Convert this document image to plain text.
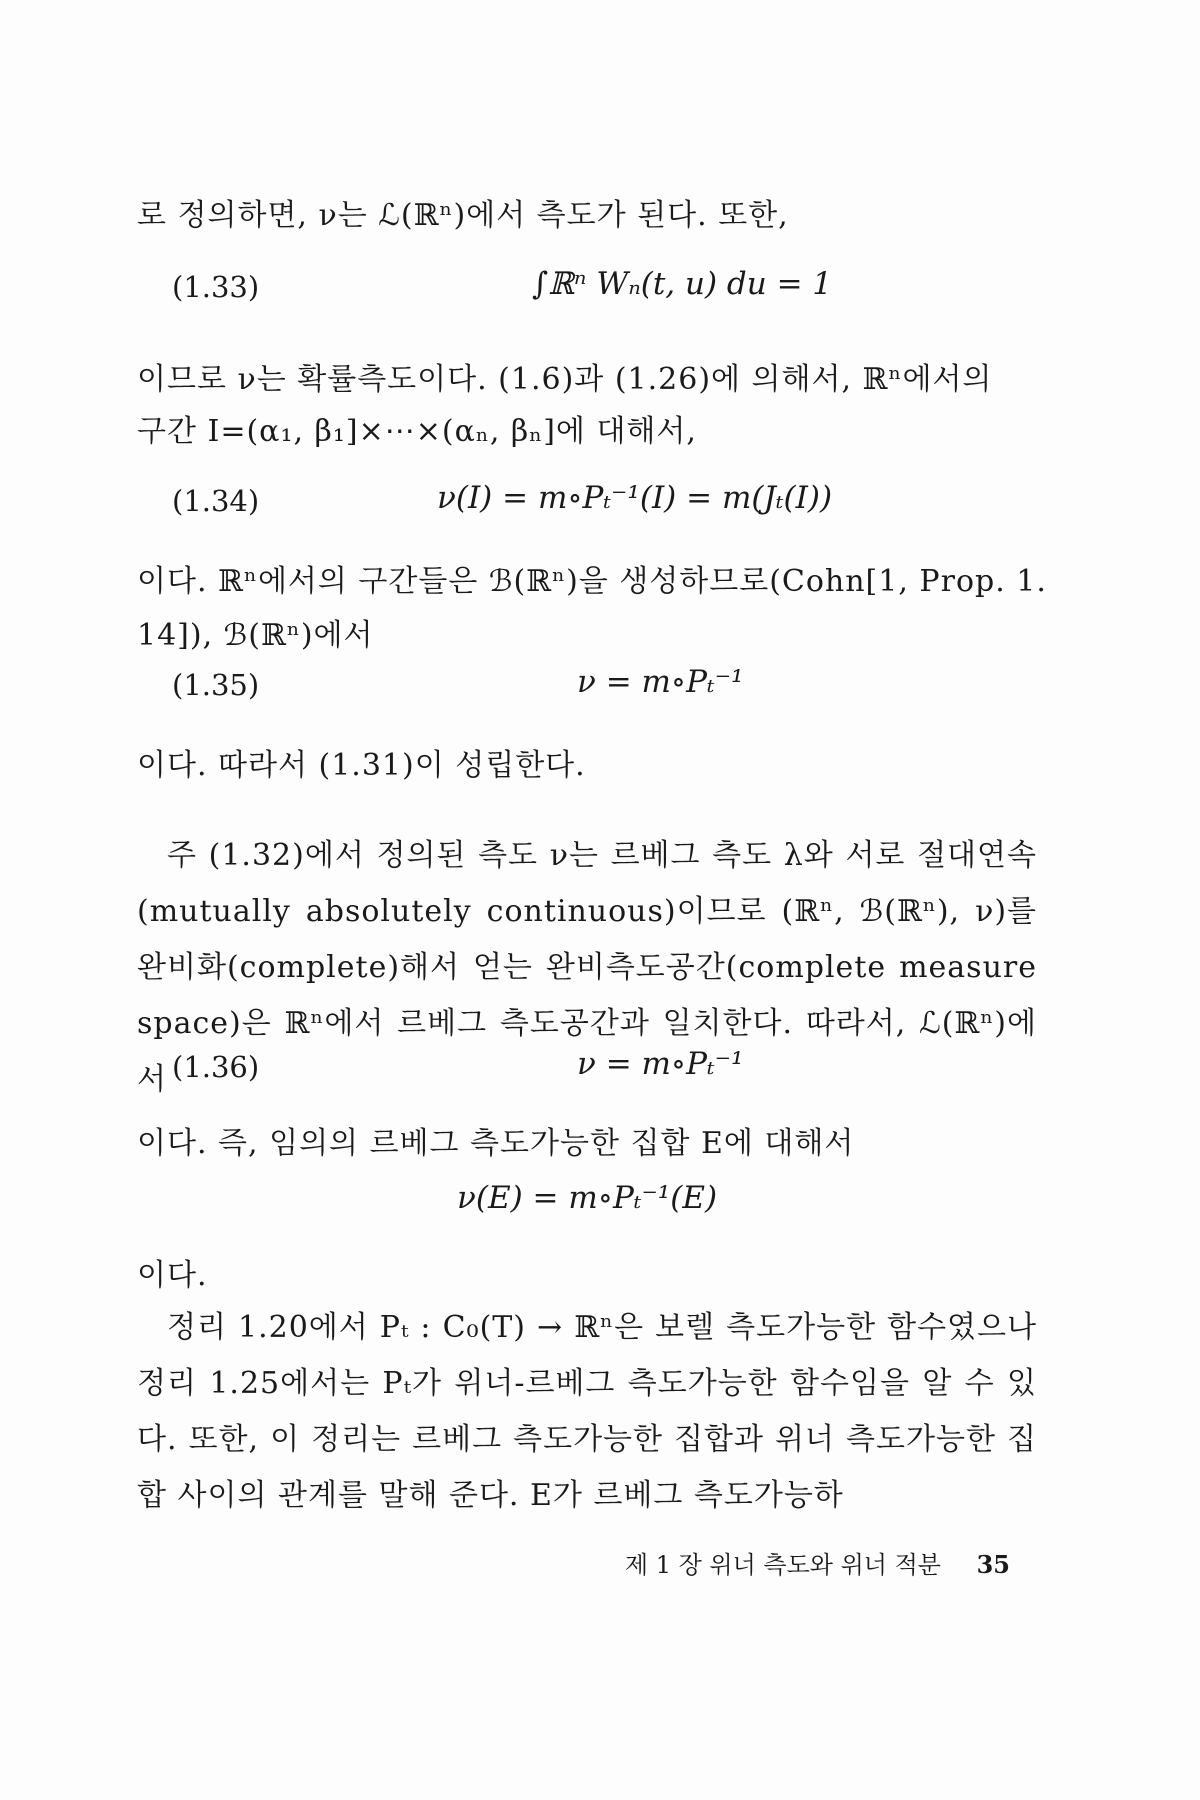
로 정의하면, ν는 ℒ(ℝⁿ)에서 측도가 된다. 또한,
(1.33)	∫ℝⁿ Wₙ(t, u) du = 1
이므로 ν는 확률측도이다. (1.6)과 (1.26)에 의해서, ℝⁿ에서의
구간 I=(α₁, β₁]×⋯×(αₙ, βₙ]에 대해서,
(1.34)	ν(I) = m∘Pₜ⁻¹(I) = m(Jₜ(I))
이다. ℝⁿ에서의 구간들은 ℬ(ℝⁿ)을 생성하므로(Cohn[1, Prop. 1.
14]), ℬ(ℝⁿ)에서
(1.35)	ν = m∘Pₜ⁻¹
이다. 따라서 (1.31)이 성립한다.
주 (1.32)에서 정의된 측도 ν는 르베그 측도 λ와 서로 절대연속(mutually absolutely continuous)이므로 (ℝⁿ, ℬ(ℝⁿ), ν)를 완비화(complete)해서 얻는 완비측도공간(complete measure space)은 ℝⁿ에서 르베그 측도공간과 일치한다. 따라서, ℒ(ℝⁿ)에서 (1.36)	ν = m∘Pₜ⁻¹
이다. 즉, 임의의 르베그 측도가능한 집합 E에 대해서
ν(E) = m∘Pₜ⁻¹(E)
이다.
정리 1.20에서 Pₜ : C₀(T) → ℝⁿ은 보렐 측도가능한 함수였으나 정리 1.25에서는 Pₜ가 위너-르베그 측도가능한 함수임을 알 수 있다. 또한, 이 정리는 르베그 측도가능한 집합과 위너 측도가능한 집합 사이의 관계를 말해 준다. E가 르베그 측도가능하
제 1 장 위너 측도와 위너 적분 35
